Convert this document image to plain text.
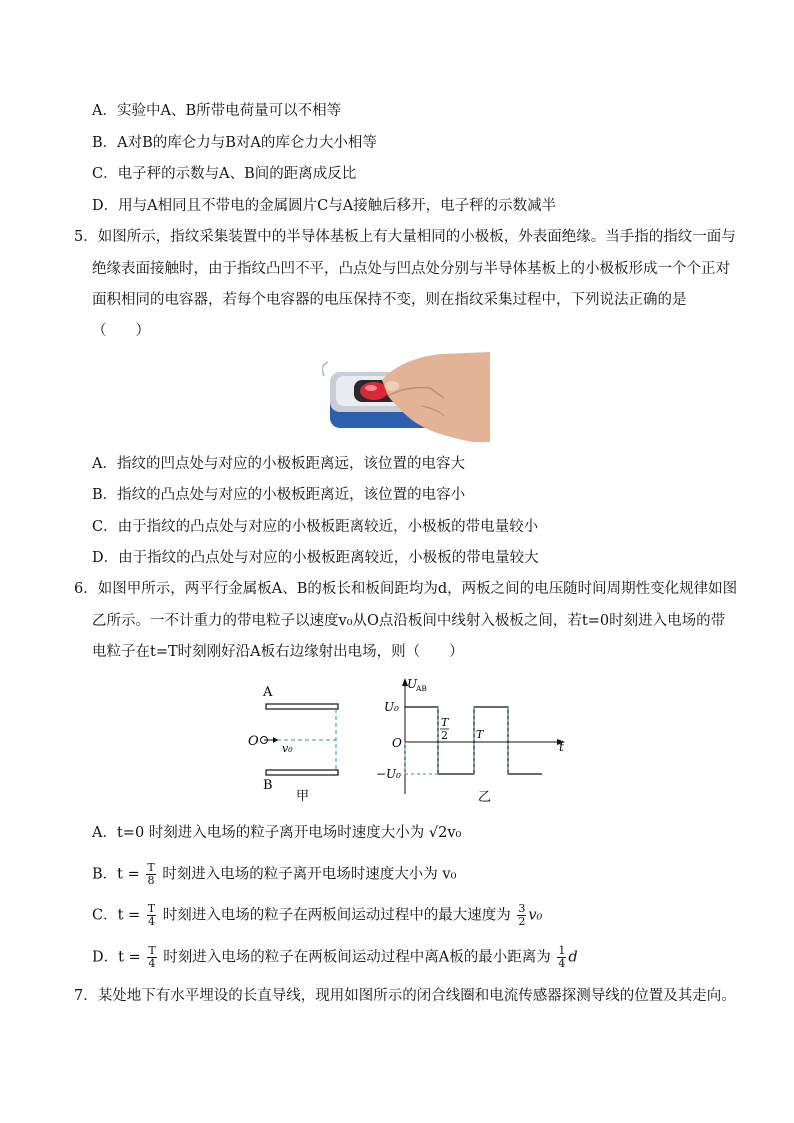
A．实验中A、B所带电荷量可以不相等
B．A对B的库仑力与B对A的库仑力大小相等
C．电子秤的示数与A、B间的距离成反比
D．用与A相同且不带电的金属圆片C与A接触后移开，电子秤的示数减半
5．如图所示，指纹采集装置中的半导体基板上有大量相同的小极板，外表面绝缘。当手指的指纹一面与
绝缘表面接触时，由于指纹凸凹不平，凸点处与凹点处分别与半导体基板上的小极板形成一个个正对
面积相同的电容器，若每个电容器的电压保持不变，则在指纹采集过程中，下列说法正确的是
（　　）
A．指纹的凹点处与对应的小极板距离远，该位置的电容大
B．指纹的凸点处与对应的小极板距离近，该位置的电容小
C．由于指纹的凸点处与对应的小极板距离较近，小极板的带电量较小
D．由于指纹的凸点处与对应的小极板距离较近，小极板的带电量较大
6．如图甲所示，两平行金属板A、B的板长和板间距均为d，两板之间的电压随时间周期性变化规律如图
乙所示。一不计重力的带电粒子以速度v₀从O点沿板间中线射入极板之间，若t=0时刻进入电场的带
电粒子在t=T时刻刚好沿A板右边缘射出电场，则（　　）
A
B
O v₀
甲
U
AB
t
O
U₀
−U₀
T
2	T
乙
A．t=0 时刻进入电场的粒子离开电场时速度大小为 √2v₀
B．$t = \frac{T}{8}$ 时刻进入电场的粒子离开电场时速度大小为 v₀
C．$t = \frac{T}{4}$ 时刻进入电场的粒子在两板间运动过程中的最大速度为 $\frac{3}{2} v_0$
D．$t = \frac{T}{4}$ 时刻进入电场的粒子在两板间运动过程中离A板的最小距离为 $\frac{1}{4}$ d
7．某处地下有水平埋设的长直导线，现用如图所示的闭合线圈和电流传感器探测导线的位置及其走向。
